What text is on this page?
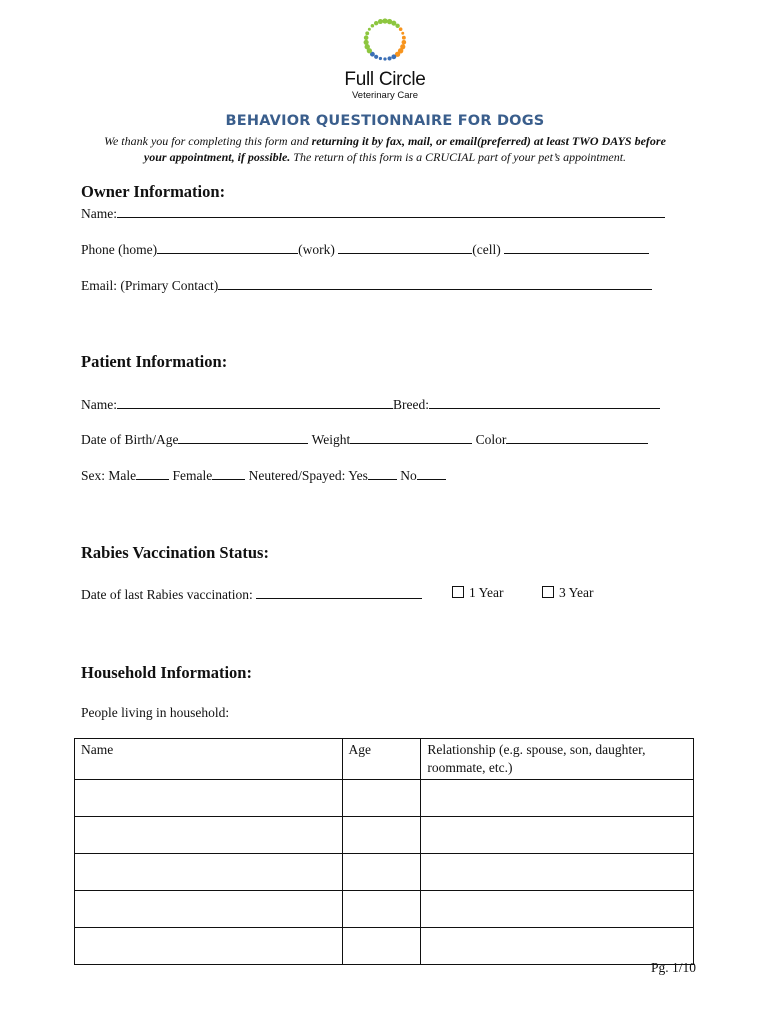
Full Circle
Veterinary Care
BEHAVIOR QUESTIONNAIRE FOR DOGS
We thank you for completing this form and returning it by fax, mail, or email(preferred) at least TWO DAYS before
your appointment, if possible. The return of this form is a CRUCIAL part of your pet’s appointment.
Owner Information:
Name:
Phone (home)	(work)	(cell)
Email: (Primary Contact)
Patient Information:
Name:	Breed:
Date of Birth/Age	Weight	Color
Sex: Male Female Neutered/Spayed: Yes No
Rabies Vaccination Status:
Date of last Rabies vaccination:	1 Year	3 Year
Household Information:
People living in household:
Name	Age	Relationship (e.g. spouse, son, daughter, roommate, etc.)

Pg. 1/10
